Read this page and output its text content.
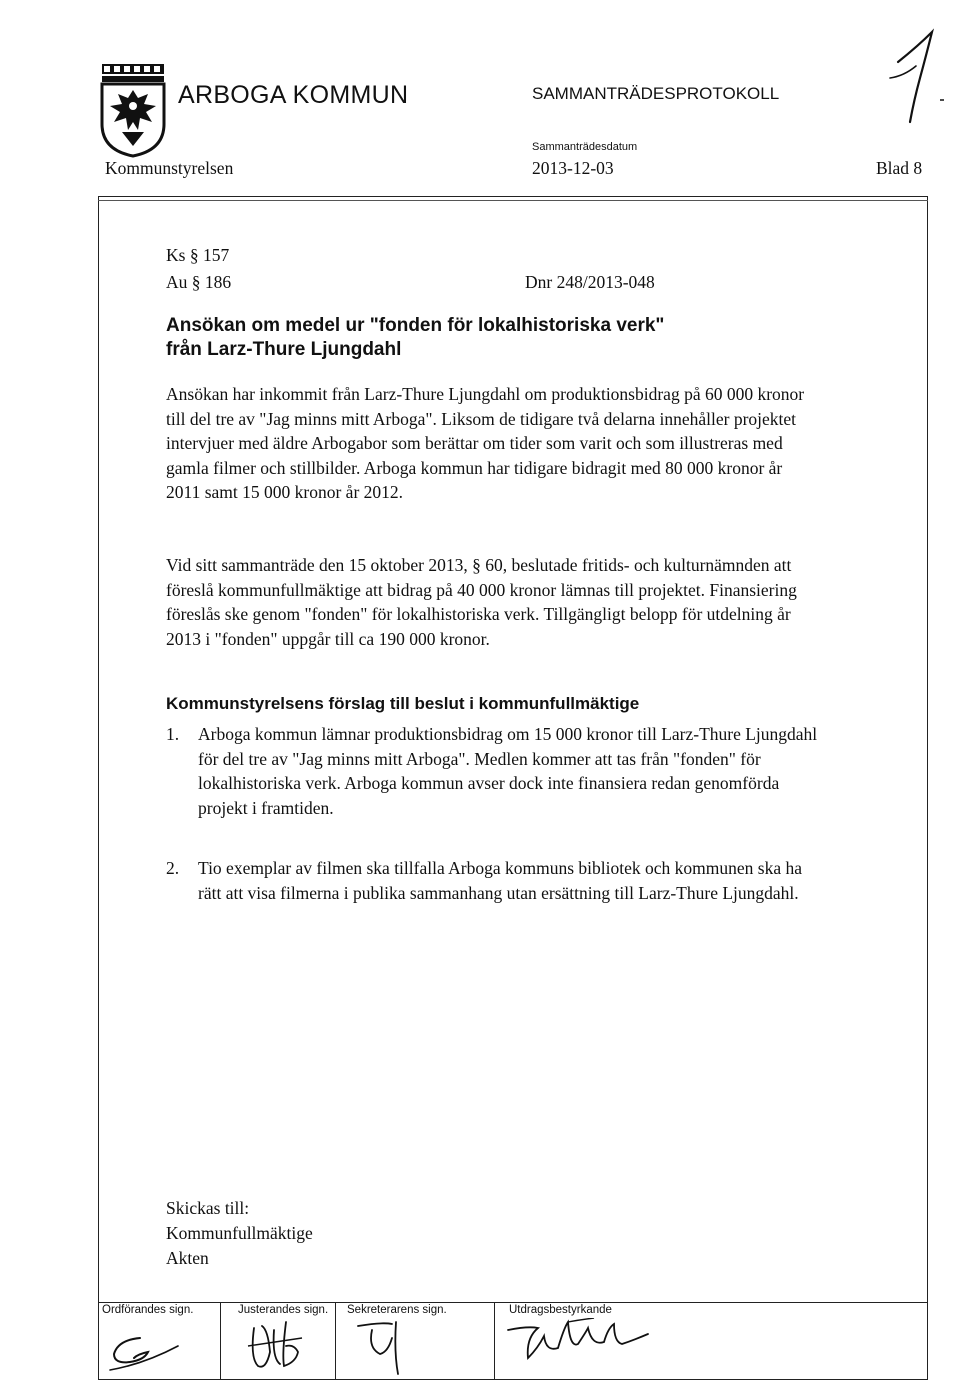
ARBOGA KOMMUN	SAMMANTRÄDESPROTOKOLL
Sammanträdesdatum
Kommunstyrelsen	2013-12-03	Blad 8
Ks § 157
Au § 186	Dnr 248/2013-048
Ansökan om medel ur "fonden för lokalhistoriska verk"
från Larz-Thure Ljungdahl
Ansökan har inkommit från Larz-Thure Ljungdahl om produktionsbidrag på 60 000 kronor till del tre av "Jag minns mitt Arboga". Liksom de tidigare två delarna innehåller projektet intervjuer med äldre Arbogabor som berättar om tider som varit och som illustreras med gamla filmer och stillbilder. Arboga kommun har tidigare bidragit med 80 000 kronor år 2011 samt 15 000 kronor år 2012.
Vid sitt sammanträde den 15 oktober 2013, § 60, beslutade fritids- och kulturnämnden att föreslå kommunfullmäktige att bidrag på 40 000 kronor lämnas till projektet. Finansiering föreslås ske genom "fonden" för lokalhistoriska verk. Tillgängligt belopp för utdelning år 2013 i "fonden" uppgår till ca 190 000 kronor.
Kommunstyrelsens förslag till beslut i kommunfullmäktige
1. Arboga kommun lämnar produktionsbidrag om 15 000 kronor till Larz-Thure Ljungdahl för del tre av "Jag minns mitt Arboga". Medlen kommer att tas från "fonden" för lokalhistoriska verk. Arboga kommun avser dock inte finansiera redan genomförda projekt i framtiden.
2. Tio exemplar av filmen ska tillfalla Arboga kommuns bibliotek och kommunen ska ha rätt att visa filmerna i publika sammanhang utan ersättning till Larz-Thure Ljungdahl.
Skickas till:
Kommunfullmäktige
Akten
Ordförandes sign.	Justerandes sign. Sekreterarens sign.	Utdragsbestyrkande
